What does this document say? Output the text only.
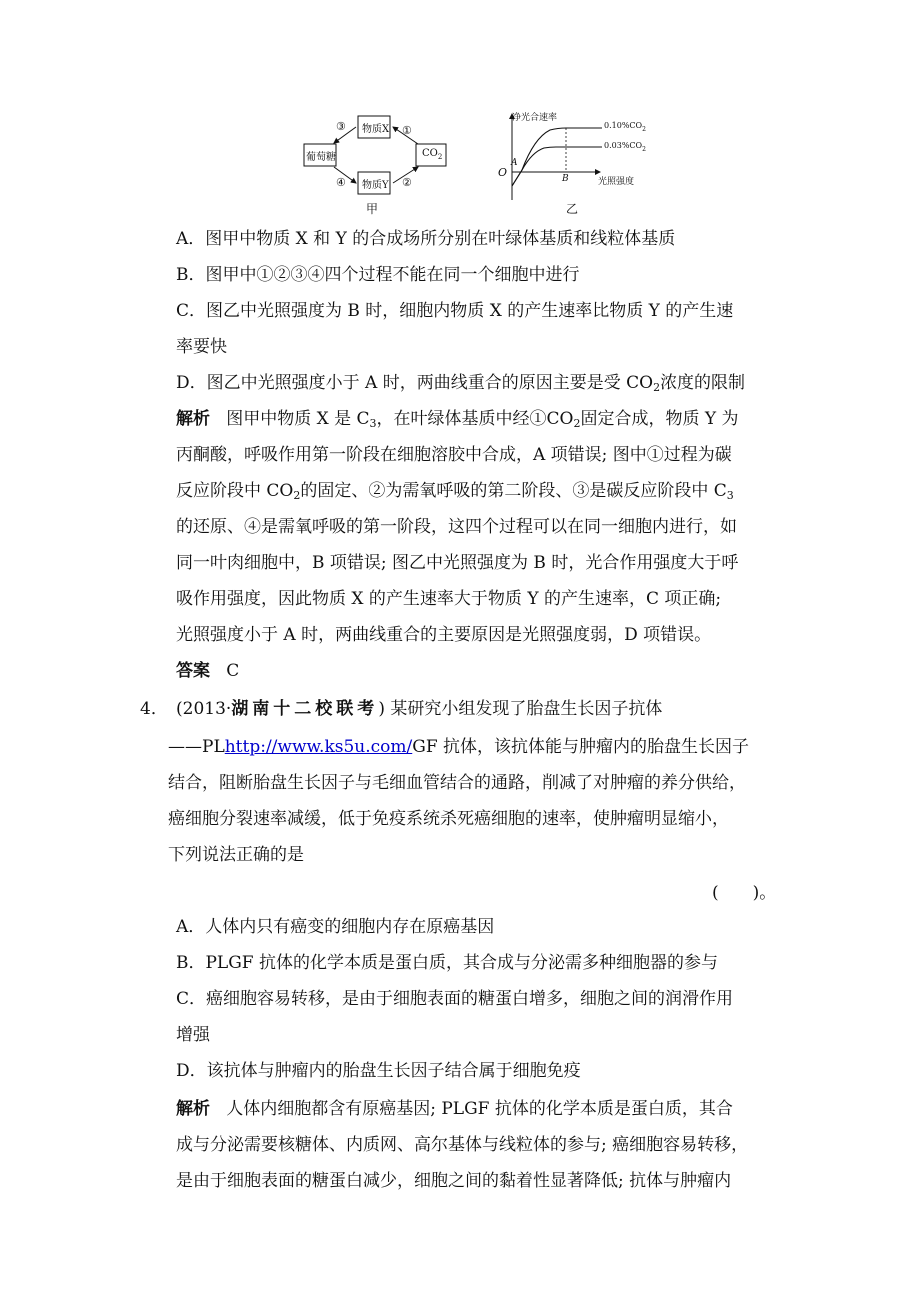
物质X
物质Y
葡萄糖	$CO_2$
③	①
④	②
甲
净光合速率
光照强度
O
A
B
$0.10\%CO_2$
$0.03\%CO_2$
乙
A．图甲中物质 X 和 Y 的合成场所分别在叶绿体基质和线粒体基质
B．图甲中①②③④四个过程不能在同一个细胞中进行
C．图乙中光照强度为 B 时，细胞内物质 X 的产生速率比物质 Y 的产生速
率要快
D．图乙中光照强度小于 A 时，两曲线重合的原因主要是受 $CO_2$浓度的限制
解析 图甲中物质 X 是 $C_3$，在叶绿体基质中经$①CO_2$固定合成，物质 Y 为
丙酮酸，呼吸作用第一阶段在细胞溶胶中合成，A 项错误; 图中①过程为碳
反应阶段中 $CO_2$的固定、②为需氧呼吸的第二阶段、③是碳反应阶段中 $C_3$
的还原、④是需氧呼吸的第一阶段，这四个过程可以在同一细胞内进行，如
同一叶肉细胞中，B 项错误; 图乙中光照强度为 B 时，光合作用强度大于呼
吸作用强度，因此物质 X 的产生速率大于物质 Y 的产生速率，C 项正确;
光照强度小于 A 时，两曲线重合的主要原因是光照强度弱，D 项错误。
答案 C
4． (2013·湖南十二校联考) 某研究小组发现了胎盘生长因子抗体
——PLhttp://www.ks5u.com/GF 抗体，该抗体能与肿瘤内的胎盘生长因子
结合，阻断胎盘生长因子与毛细血管结合的通路，削减了对肿瘤的养分供给，
癌细胞分裂速率减缓，低于免疫系统杀死癌细胞的速率，使肿瘤明显缩小，
下列说法正确的是
(　　)。
A．人体内只有癌变的细胞内存在原癌基因
B．PLGF 抗体的化学本质是蛋白质，其合成与分泌需多种细胞器的参与
C．癌细胞容易转移，是由于细胞表面的糖蛋白增多，细胞之间的润滑作用
增强
D．该抗体与肿瘤内的胎盘生长因子结合属于细胞免疫
解析 人体内细胞都含有原癌基因; PLGF 抗体的化学本质是蛋白质，其合
成与分泌需要核糖体、内质网、高尔基体与线粒体的参与; 癌细胞容易转移，
是由于细胞表面的糖蛋白减少，细胞之间的黏着性显著降低; 抗体与肿瘤内
